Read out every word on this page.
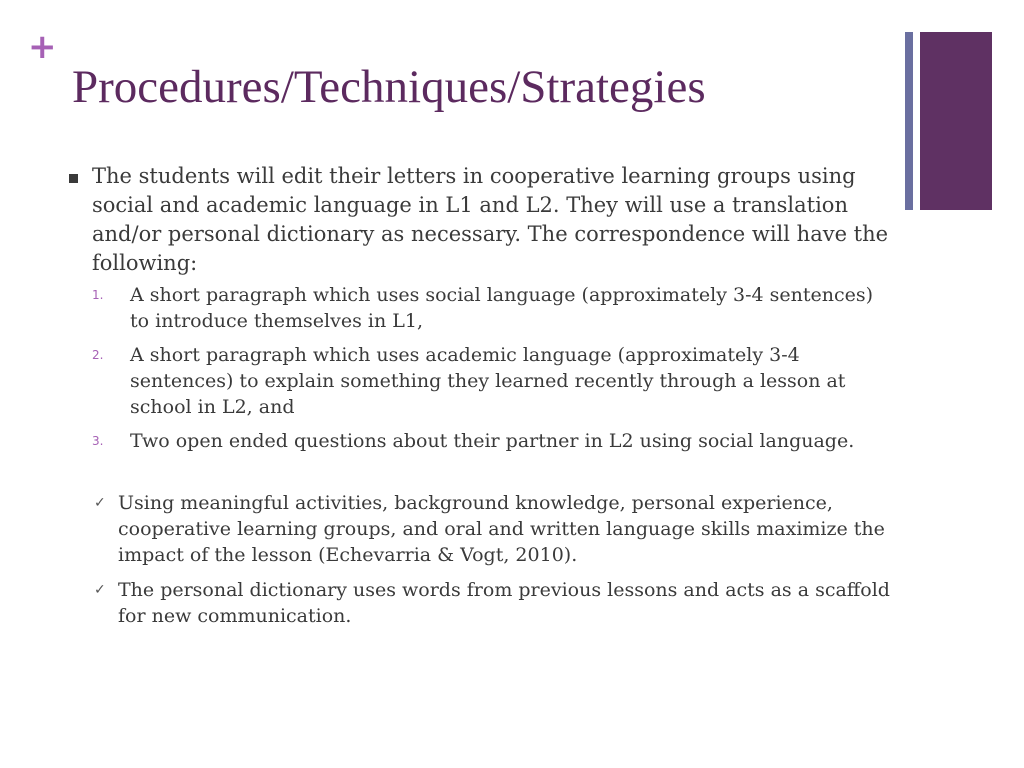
+
Procedures/Techniques/Strategies
The students will edit their letters in cooperative learning groups using social and academic language in L1 and L2. They will use a translation and/or personal dictionary as necessary. The correspondence will have the following:
1. A short paragraph which uses social language (approximately 3-4 sentences) to introduce themselves in L1,
2. A short paragraph which uses academic language (approximately 3-4 sentences) to explain something they learned recently through a lesson at school in L2, and
3. Two open ended questions about their partner in L2 using social language.
✓ Using meaningful activities, background knowledge, personal experience, cooperative learning groups, and oral and written language skills maximize the impact of the lesson (Echevarria & Vogt, 2010).
✓ The personal dictionary uses words from previous lessons and acts as a scaffold for new communication.
